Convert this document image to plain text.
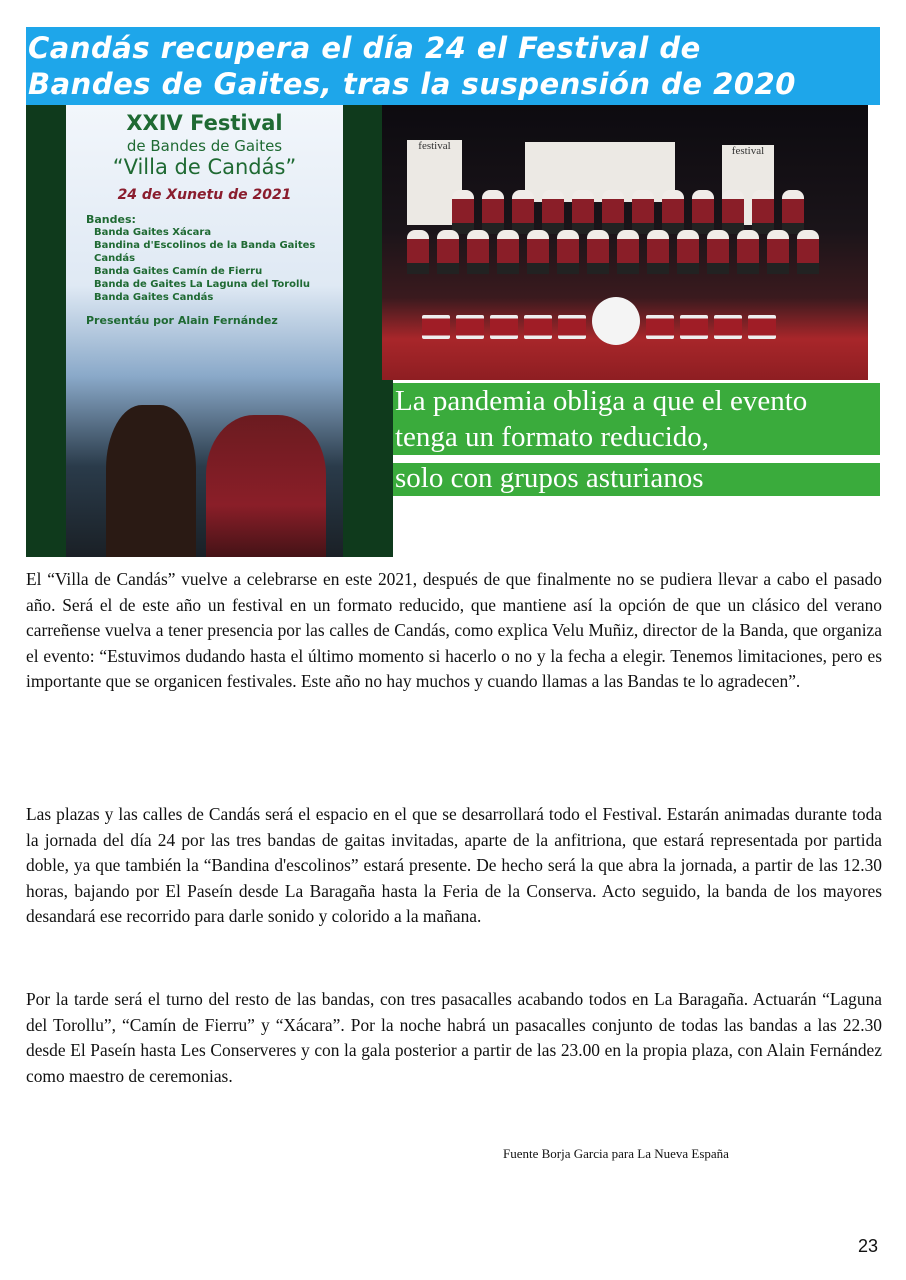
Candás recupera el día 24 el Festival de
Bandes de Gaites, tras la suspensión de 2020
XXIV Festival
de Bandes de Gaites
“Villa de Candás”
24 de Xunetu de 2021
Bandes:
Banda Gaites Xácara
Bandina d'Escolinos de la Banda Gaites Candás
Banda Gaites Camín de Fierru
Banda de Gaites La Laguna del Torollu
Banda Gaites Candás
Presentáu por Alain Fernández
festival	festival
La pandemia obliga a que el evento
tenga un formato reducido,
solo con grupos asturianos

El “Villa de Candás” vuelve a celebrarse en este 2021, después de que finalmente no se pudiera llevar a cabo el pasado año. Será el de este año un festival en un formato reducido, que mantiene así la opción de que un clásico del verano carreñense vuelva a tener presencia por las calles de Candás, como explica Velu Muñiz, director de la Banda, que organiza el evento: “Estuvimos dudando hasta el último momento si hacerlo o no y la fecha a elegir. Tenemos limitaciones, pero es importante que se organicen festivales. Este año no hay muchos y cuando llamas a las Bandas te lo agradecen”.

Las plazas y las calles de Candás será el espacio en el que se desarrollará todo el Festival. Estarán animadas durante toda la jornada del día 24 por las tres bandas de gaitas invitadas, aparte de la anfitriona, que estará representada por partida doble, ya que también la “Bandina d'escolinos” estará presente. De hecho será la que abra la jornada, a partir de las 12.30 horas, bajando por El Paseín desde La Baragaña hasta la Feria de la Conserva. Acto seguido, la banda de los mayores desandará ese recorrido para darle sonido y colorido a la mañana.

Por la tarde será el turno del resto de las bandas, con tres pasacalles acabando todos en La Baragaña. Actuarán “Laguna del Torollu”, “Camín de Fierru” y “Xácara”. Por la noche habrá un pasacalles conjunto de todas las bandas a las 22.30 desde El Paseín hasta Les Conserveres y con la gala posterior a partir de las 23.00 en la propia plaza, con Alain Fernández como maestro de ceremonias.

Fuente Borja Garcia para La Nueva España
23
